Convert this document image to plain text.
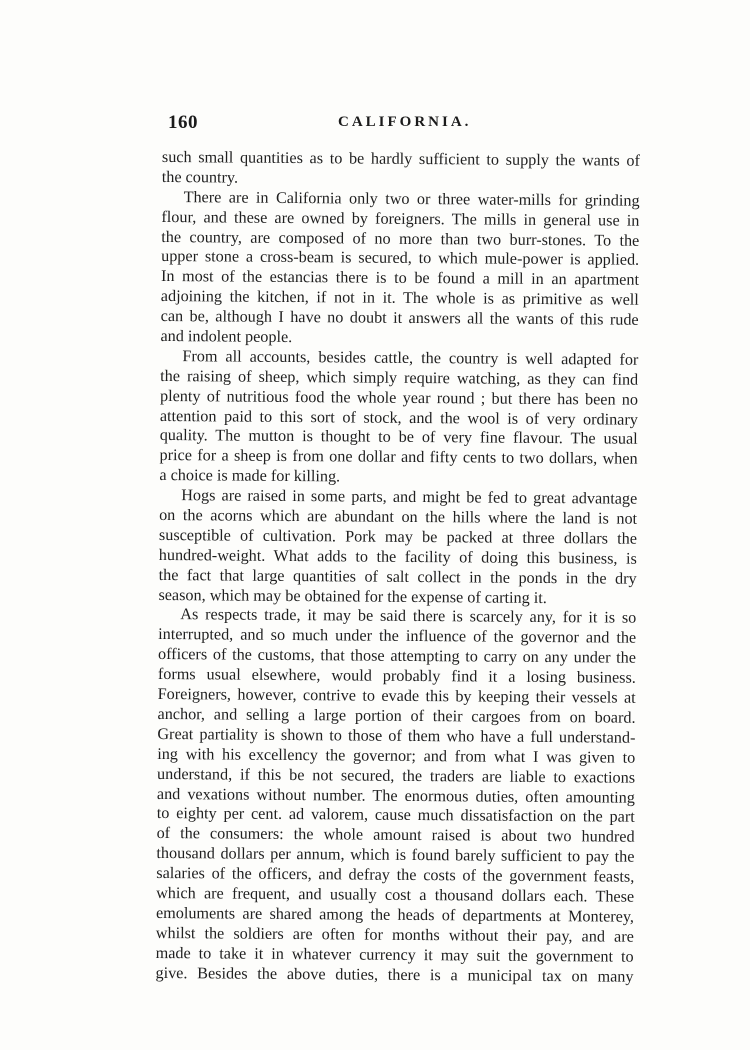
160	CALIFORNIA.
such small quantities as to be hardly sufficient to supply the wants of
the country.
There are in California only two or three water-mills for grinding
flour, and these are owned by foreigners. The mills in general use in
the country, are composed of no more than two burr-stones. To the
upper stone a cross-beam is secured, to which mule-power is applied.
In most of the estancias there is to be found a mill in an apartment
adjoining the kitchen, if not in it. The whole is as primitive as well
can be, although I have no doubt it answers all the wants of this rude
and indolent people.
From all accounts, besides cattle, the country is well adapted for
the raising of sheep, which simply require watching, as they can find
plenty of nutritious food the whole year round ; but there has been no
attention paid to this sort of stock, and the wool is of very ordinary
quality. The mutton is thought to be of very fine flavour. The usual
price for a sheep is from one dollar and fifty cents to two dollars, when
a choice is made for killing.
Hogs are raised in some parts, and might be fed to great advantage
on the acorns which are abundant on the hills where the land is not
susceptible of cultivation. Pork may be packed at three dollars the
hundred-weight. What adds to the facility of doing this business, is
the fact that large quantities of salt collect in the ponds in the dry
season, which may be obtained for the expense of carting it.
As respects trade, it may be said there is scarcely any, for it is so
interrupted, and so much under the influence of the governor and the
officers of the customs, that those attempting to carry on any under the
forms usual elsewhere, would probably find it a losing business.
Foreigners, however, contrive to evade this by keeping their vessels at
anchor, and selling a large portion of their cargoes from on board.
Great partiality is shown to those of them who have a full understand-
ing with his excellency the governor; and from what I was given to
understand, if this be not secured, the traders are liable to exactions
and vexations without number. The enormous duties, often amounting
to eighty per cent. ad valorem, cause much dissatisfaction on the part
of the consumers: the whole amount raised is about two hundred
thousand dollars per annum, which is found barely sufficient to pay the
salaries of the officers, and defray the costs of the government feasts,
which are frequent, and usually cost a thousand dollars each. These
emoluments are shared among the heads of departments at Monterey,
whilst the soldiers are often for months without their pay, and are
made to take it in whatever currency it may suit the government to
give. Besides the above duties, there is a municipal tax on many
